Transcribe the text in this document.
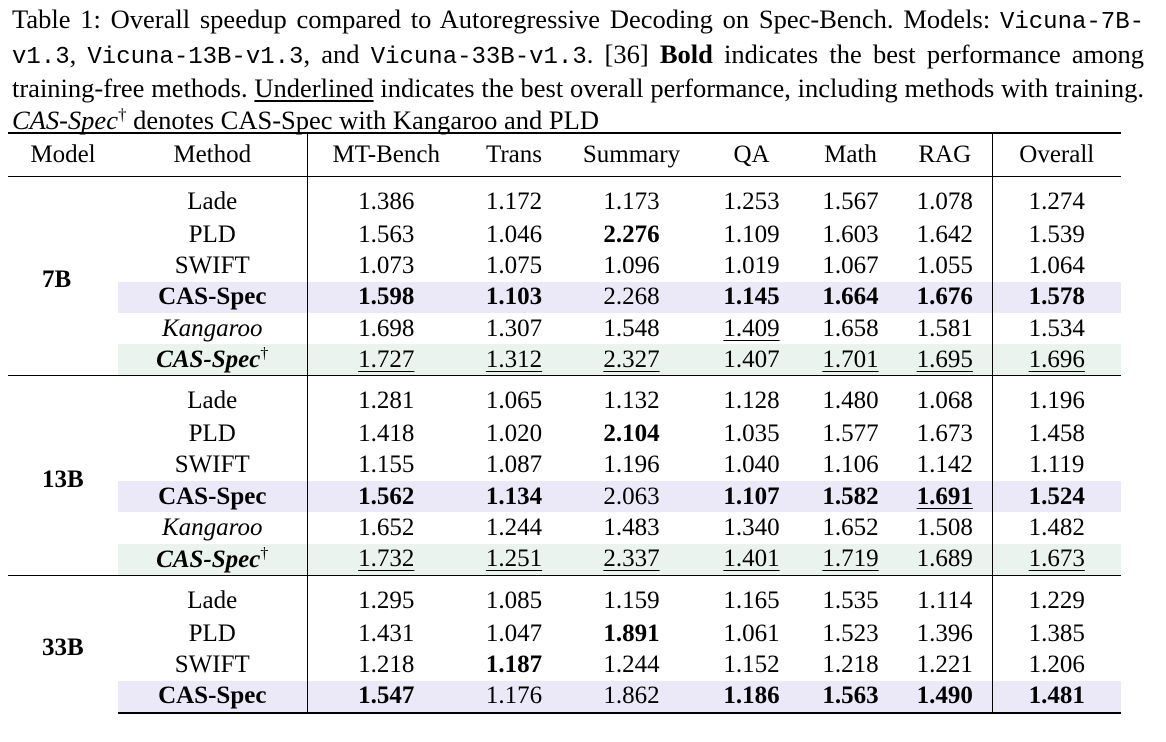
Table 1: Overall speedup compared to Autoregressive Decoding on Spec-Bench. Models: Vicuna-7B-v1.3, Vicuna-13B-v1.3, and Vicuna-33B-v1.3. [36] Bold indicates the best performance among training-free methods. Underlined indicates the best overall performance, including methods with training. CAS-Spec† denotes CAS-Spec with Kangaroo and PLD
Model	Method	MT-Bench	Trans	Summary	QA	Math	RAG	Overall
7B	Lade	1.386	1.172	1.173	1.253	1.567	1.078	1.274
	PLD	1.563	1.046	2.276	1.109	1.603	1.642	1.539
	SWIFT	1.073	1.075	1.096	1.019	1.067	1.055	1.064
	CAS-Spec	1.598	1.103	2.268	1.145	1.664	1.676	1.578
	Kangaroo	1.698	1.307	1.548	1.409	1.658	1.581	1.534
	CAS-Spec†	1.727	1.312	2.327	1.407	1.701	1.695	1.696
13B	Lade	1.281	1.065	1.132	1.128	1.480	1.068	1.196
	PLD	1.418	1.020	2.104	1.035	1.577	1.673	1.458
	SWIFT	1.155	1.087	1.196	1.040	1.106	1.142	1.119
	CAS-Spec	1.562	1.134	2.063	1.107	1.582	1.691	1.524
	Kangaroo	1.652	1.244	1.483	1.340	1.652	1.508	1.482
	CAS-Spec†	1.732	1.251	2.337	1.401	1.719	1.689	1.673
33B	Lade	1.295	1.085	1.159	1.165	1.535	1.114	1.229
	PLD	1.431	1.047	1.891	1.061	1.523	1.396	1.385
	SWIFT	1.218	1.187	1.244	1.152	1.218	1.221	1.206
	CAS-Spec	1.547	1.176	1.862	1.186	1.563	1.490	1.481
